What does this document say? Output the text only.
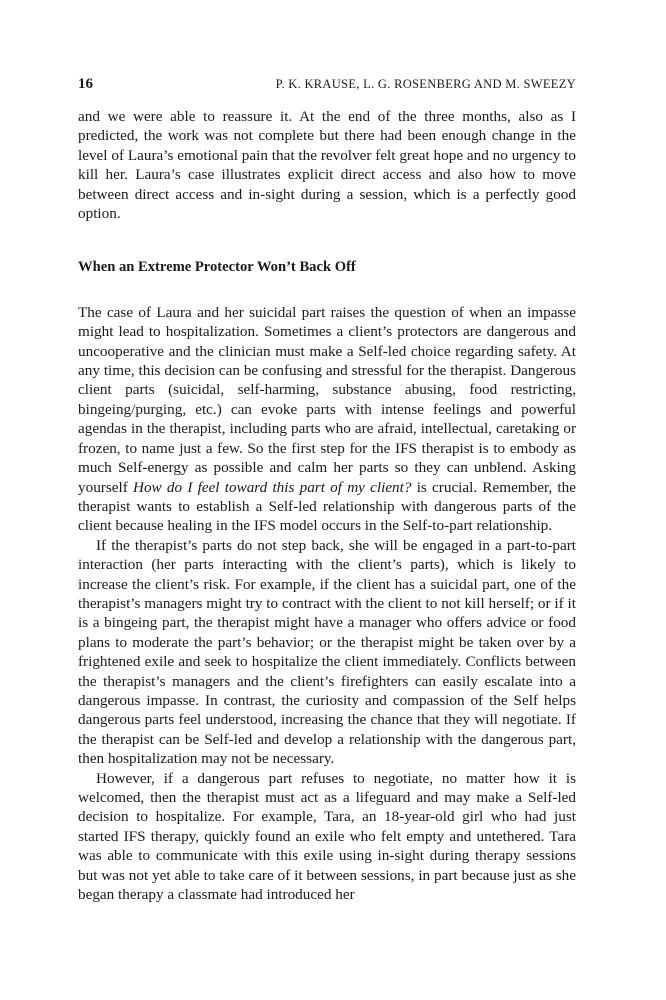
16	P. K. KRAUSE, L. G. ROSENBERG AND M. SWEEZY

and we were able to reassure it. At the end of the three months, also as I predicted, the work was not complete but there had been enough change in the level of Laura’s emotional pain that the revolver felt great hope and no urgency to kill her. Laura’s case illustrates explicit direct access and also how to move between direct access and in-sight during a session, which is a perfectly good option.

When an Extreme Protector Won’t Back Off

The case of Laura and her suicidal part raises the question of when an impasse might lead to hospitalization. Sometimes a client’s protectors are dangerous and uncooperative and the clinician must make a Self-led choice regarding safety. At any time, this decision can be confusing and stressful for the therapist. Dangerous client parts (suicidal, self-harming, substance abusing, food restricting, bingeing/purging, etc.) can evoke parts with intense feelings and powerful agendas in the therapist, including parts who are afraid, intellectual, caretaking or frozen, to name just a few. So the first step for the IFS therapist is to embody as much Self-energy as possible and calm her parts so they can unblend. Asking yourself How do I feel toward this part of my client? is crucial. Remember, the therapist wants to establish a Self-led relationship with dangerous parts of the client because healing in the IFS model occurs in the Self-to-part relationship.

If the therapist’s parts do not step back, she will be engaged in a part-to-part interaction (her parts interacting with the client’s parts), which is likely to increase the client’s risk. For example, if the client has a suicidal part, one of the therapist’s managers might try to contract with the client to not kill herself; or if it is a bingeing part, the therapist might have a manager who offers advice or food plans to moderate the part’s behavior; or the therapist might be taken over by a frightened exile and seek to hospitalize the client immediately. Conflicts between the therapist’s managers and the client’s firefighters can easily escalate into a dangerous impasse. In contrast, the curiosity and compassion of the Self helps dangerous parts feel understood, increasing the chance that they will negotiate. If the therapist can be Self-led and develop a relationship with the dangerous part, then hospitalization may not be necessary.

However, if a dangerous part refuses to negotiate, no matter how it is welcomed, then the therapist must act as a lifeguard and may make a Self-led decision to hospitalize. For example, Tara, an 18-year-old girl who had just started IFS therapy, quickly found an exile who felt empty and untethered. Tara was able to communicate with this exile using in-sight during therapy sessions but was not yet able to take care of it between sessions, in part because just as she began therapy a classmate had introduced her
